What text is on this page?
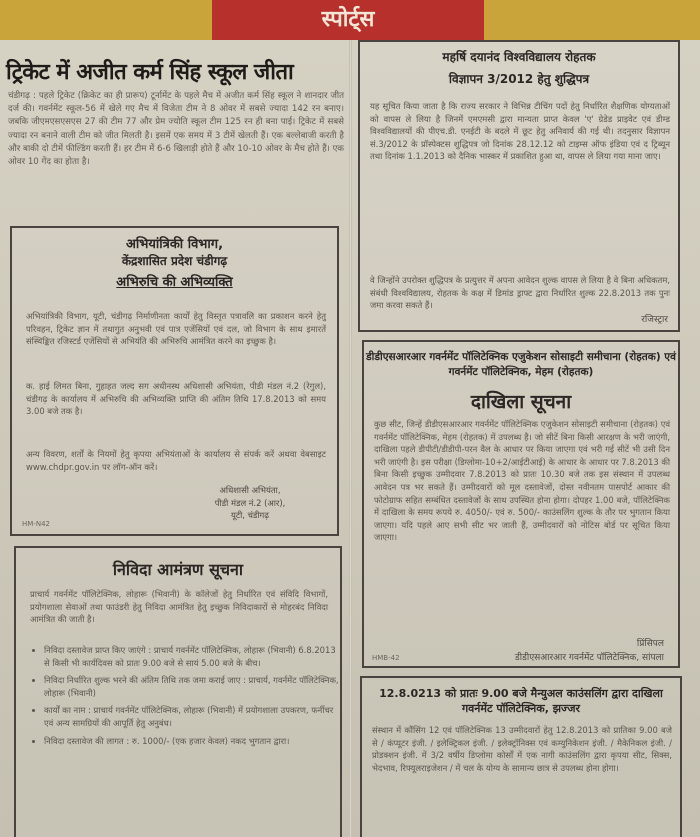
स्पोर्ट्स
ट्रिकेट में अजीत कर्म सिंह स्कूल जीता
चंडीगढ़ : पहले ट्रिकेट (क्रिकेट का ही प्रारूप) टूर्नामेंट के पहले मैच में अजीत कर्म सिंह स्कूल ने शानदार जीत दर्ज की। गवर्नमेंट स्कूल-56 में खेले गए मैच में विजेता टीम ने 8 ओवर में सबसे ज्यादा 142 रन बनाए। जबकि जीएमएसएसएस 27 की टीम 77 और प्रेम ज्योति स्कूल टीम 125 रन ही बना पाई। ट्रिकेट में सबसे ज्यादा रन बनाने वाली टीम को जीत मिलती है। इसमें एक समय में 3 टीमें खेलती हैं। एक बल्लेबाजी करती है और बाकी दो टीमें फील्डिंग करती हैं। हर टीम में 6-6 खिलाड़ी होते हैं और 10-10 ओवर के मैच होते हैं। एक ओवर 10 गेंद का होता है।
अभियांत्रिकी विभाग,
केंद्रशासित प्रदेश चंडीगढ़
अभिरुचि की अभिव्यक्ति
अभियांत्रिकी विभाग, यूटी, चंडीगढ़ निर्माणीनता कार्यों हेतु विस्तृत पत्रावलि का प्रकाशन करने हेतु परिवहन, ट्रिकेट ज्ञान में तथागुत अनुभवी एवं पात्र एजेंसियों एवं दल, जो विभाग के साथ इमारतें संस्थिङ्कित रजिस्टर्ड एजेंसियों से अभियंति की अभिरुचि आमंत्रित करने का इच्छुक है।
क. हाई लिमत बिना, गुहाहत जल्द सग अधीनस्थ अधिशासी अभियंता, पीडी मंडल नं.2 (रेगुल), चंडीगढ़ के कार्यालय में अभिरुचि की अभिव्यक्ति प्राप्ति की अंतिम तिथि 17.8.2013 को समय 3.00 बजे तक है।
अन्य विवरण, शर्तों के नियमों हेतु कृपया अभियंताओं के कार्यालय से संपर्क करें अथवा वेबसाइट www.chdpr.gov.in पर लॉग-ऑन करें।
अधिशासी अभियंता,
पीडी मंडल नं.2 (आर),
यूटी, चंडीगढ़
HM-N42
निविदा आमंत्रण सूचना
प्राचार्य गवर्नमेंट पॉलिटेक्निक, लोहारू (भिवानी) के कॉलेजों हेतु निर्धारित एवं संविदि विभागों, प्रयोगशाला सेवाओं तथा फाउंडरी हेतु निविदा आमंत्रित हेतु इच्छुक निविदाकारों से मोहरबंद निविदा आमंत्रित की जाती है।
• निविदा दस्तावेज प्राप्त किए जाएंगे : प्राचार्य गवर्नमेंट पॉलिटेक्निक, लोहारू (भिवानी) 6.8.2013 से किसी भी कार्यदिवस को प्रातः 9.00 बजे से सायं 5.00 बजे के बीच।
• निविदा निर्धारित शुल्क भरने की अंतिम तिथि तक जमा कराई जाए : प्राचार्य, गवर्नमेंट पॉलिटेक्निक, लोहारू (भिवानी)
• कार्यों का नाम : प्राचार्य गवर्नमेंट पॉलिटेक्निक, लोहारू (भिवानी) में प्रयोगशाला उपकरण, फर्नीचर एवं अन्य सामग्रियों की आपूर्ति हेतु अनुबंध।
• निविदा दस्तावेज की लागत : रु. 1000/- (एक हजार केवल) नकद भुगतान द्वारा।
महर्षि दयानंद विश्वविद्यालय रोहतक
विज्ञापन 3/2012 हेतु शुद्धिपत्र
यह सूचित किया जाता है कि राज्य सरकार ने विभिन्न टीचिंग पदों हेतु निर्धारित शैक्षणिक योग्यताओं को वापस ले लिया है जिनमें एमएमसी द्वारा मान्यता प्राप्त केवल 'ए' ग्रेडेड प्राइवेट एवं डीम्ड विश्वविद्यालयों की पीएच.डी. एनईटी के बदले में छूट हेतु अनिवार्य की गई थी। तदनुसार विज्ञापन सं.3/2012 के प्रॉस्पेक्टस शुद्धिपत्र जो दिनांक 28.12.12 को टाइम्स ऑफ इंडिया एवं द ट्रिब्यून तथा दिनांक 1.1.2013 को दैनिक भास्कर में प्रकाशित हुआ था, वापस ले लिया गया माना जाए।
वे जिन्होंने उपरोक्त शुद्धिपत्र के प्रत्युत्तर में अपना आवेदन शुल्क वापस ले लिया है वे बिना अधिकतम, संबंधी विश्वविद्यालय, रोहतक के कक्ष में डिमांड ड्राफ्ट द्वारा निर्धारित शुल्क 22.8.2013 तक पुनः जमा करवा सकते हैं।
रजिस्ट्रार
डीडीएसआरआर गवर्नमेंट पॉलिटेक्निक एजुकेशन सोसाइटी समीचाना (रोहतक) एवं गवर्नमेंट पॉलिटेक्निक, मेहम (रोहतक)
दाखिला सूचना
कुछ सीट, जिन्हें डीडीएसआरआर गवर्नमेंट पॉलिटेक्निक एजुकेशन सोसाइटी समीचाना (रोहतक) एवं गवर्नमेंट पॉलिटेक्निक, मेहम (रोहतक) में उपलब्ध है। जो सीटें बिना किसी आरक्षण के भरी जाएंगी, दाखिला पहले डीपीटी/डीडीपी-परन वैल के आधार पर किया जाएगा एवं भरी गई सीटें भी उसी दिन भरी जाएंगी है। इस परीक्षा (डिग्लोमा-10+2/आईटीआई) के आधार के आधार पर 7.8.2013 की बिना किसी इच्छुक उम्मीदवार 7.8.2013 को प्रातः 10.30 बजे तक इस संस्थान में उपलब्ध आवेदन पत्र भर सकते हैं। उम्मीदवारों को मूल दस्तावेजों, दोस्त नवीनतम पासपोर्ट आकार की फोटोग्राफ सहित सम्बंधित दस्तावेजों के साथ उपस्थित होना होगा। दोपहर 1.00 बजे, पॉलिटेक्निक में दाखिला के समय रूपये रु. 4050/- एवं रु. 500/- काउंसलिंग शुल्क के तौर पर भुगतान किया जाएगा। यदि पहले आए सभी सीट भर जाती हैं, उम्मीदवारों को नोटिस बोर्ड पर सूचित किया जाएगा।
प्रिंसिपल
डीडीएसआरआर गवर्नमेंट पॉलिटेक्निक, सांपला
HMB-42
12.8.0213 को प्रातः 9.00 बजे मैन्युअल काउंसलिंग द्वारा दाखिला गवर्नमेंट पॉलिटेक्निक, झज्जर
संस्थान में कौंसिंग 12 एवं पॉलिटेक्निक 13 उम्मीदवारों हेतु 12.8.2013 को प्रातिका 9.00 बजे से / कंप्यूटर इंजी. / इलेक्ट्रिकल इंजी. / इलेक्ट्रॉनिक्स एवं कम्युनिकेशन इंजी. / मैकेनिकल इंजी. / प्रोडक्शन इंजी. में 3/2 वर्षीय डिप्लोमा कोर्सों में एक नागी काउंसलिंग द्वारा कृपया सीट, सिक्स, भेदभाव, रिफ्यूलराइजेशन / में चल के योग्य के सामान्य छात्र से उपलब्ध होना होगा।
